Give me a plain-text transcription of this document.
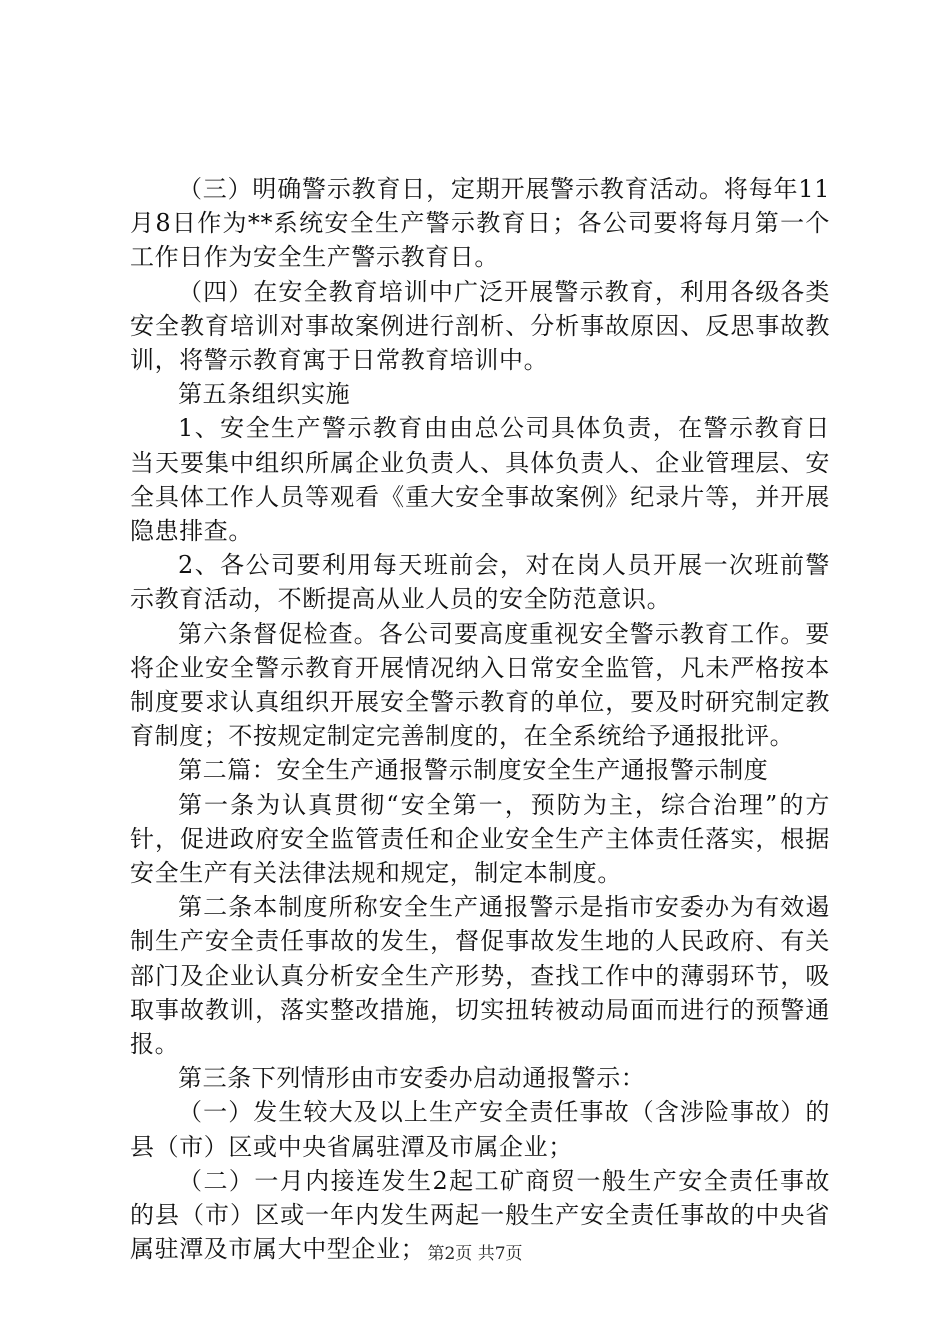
（三）明确警示教育日，定期开展警示教育活动。将每年11月8日作为**系统安全生产警示教育日；各公司要将每月第一个工作日作为安全生产警示教育日。

（四）在安全教育培训中广泛开展警示教育，利用各级各类安全教育培训对事故案例进行剖析、分析事故原因、反思事故教训，将警示教育寓于日常教育培训中。

第五条组织实施

1、安全生产警示教育由由总公司具体负责，在警示教育日当天要集中组织所属企业负责人、具体负责人、企业管理层、安全具体工作人员等观看《重大安全事故案例》纪录片等，并开展隐患排查。

2、各公司要利用每天班前会，对在岗人员开展一次班前警示教育活动，不断提高从业人员的安全防范意识。

第六条督促检查。各公司要高度重视安全警示教育工作。要将企业安全警示教育开展情况纳入日常安全监管，凡未严格按本制度要求认真组织开展安全警示教育的单位，要及时研究制定教育制度；不按规定制定完善制度的，在全系统给予通报批评。

第二篇：安全生产通报警示制度安全生产通报警示制度

第一条为认真贯彻“安全第一，预防为主，综合治理”的方针，促进政府安全监管责任和企业安全生产主体责任落实，根据安全生产有关法律法规和规定，制定本制度。

第二条本制度所称安全生产通报警示是指市安委办为有效遏制生产安全责任事故的发生，督促事故发生地的人民政府、有关部门及企业认真分析安全生产形势，查找工作中的薄弱环节，吸取事故教训，落实整改措施，切实扭转被动局面而进行的预警通报。

第三条下列情形由市安委办启动通报警示：

（一）发生较大及以上生产安全责任事故（含涉险事故）的县（市）区或中央省属驻潭及市属企业；

（二）一月内接连发生2起工矿商贸一般生产安全责任事故的县（市）区或一年内发生两起一般生产安全责任事故的中央省属驻潭及市属大中型企业； 第2页 共7页
